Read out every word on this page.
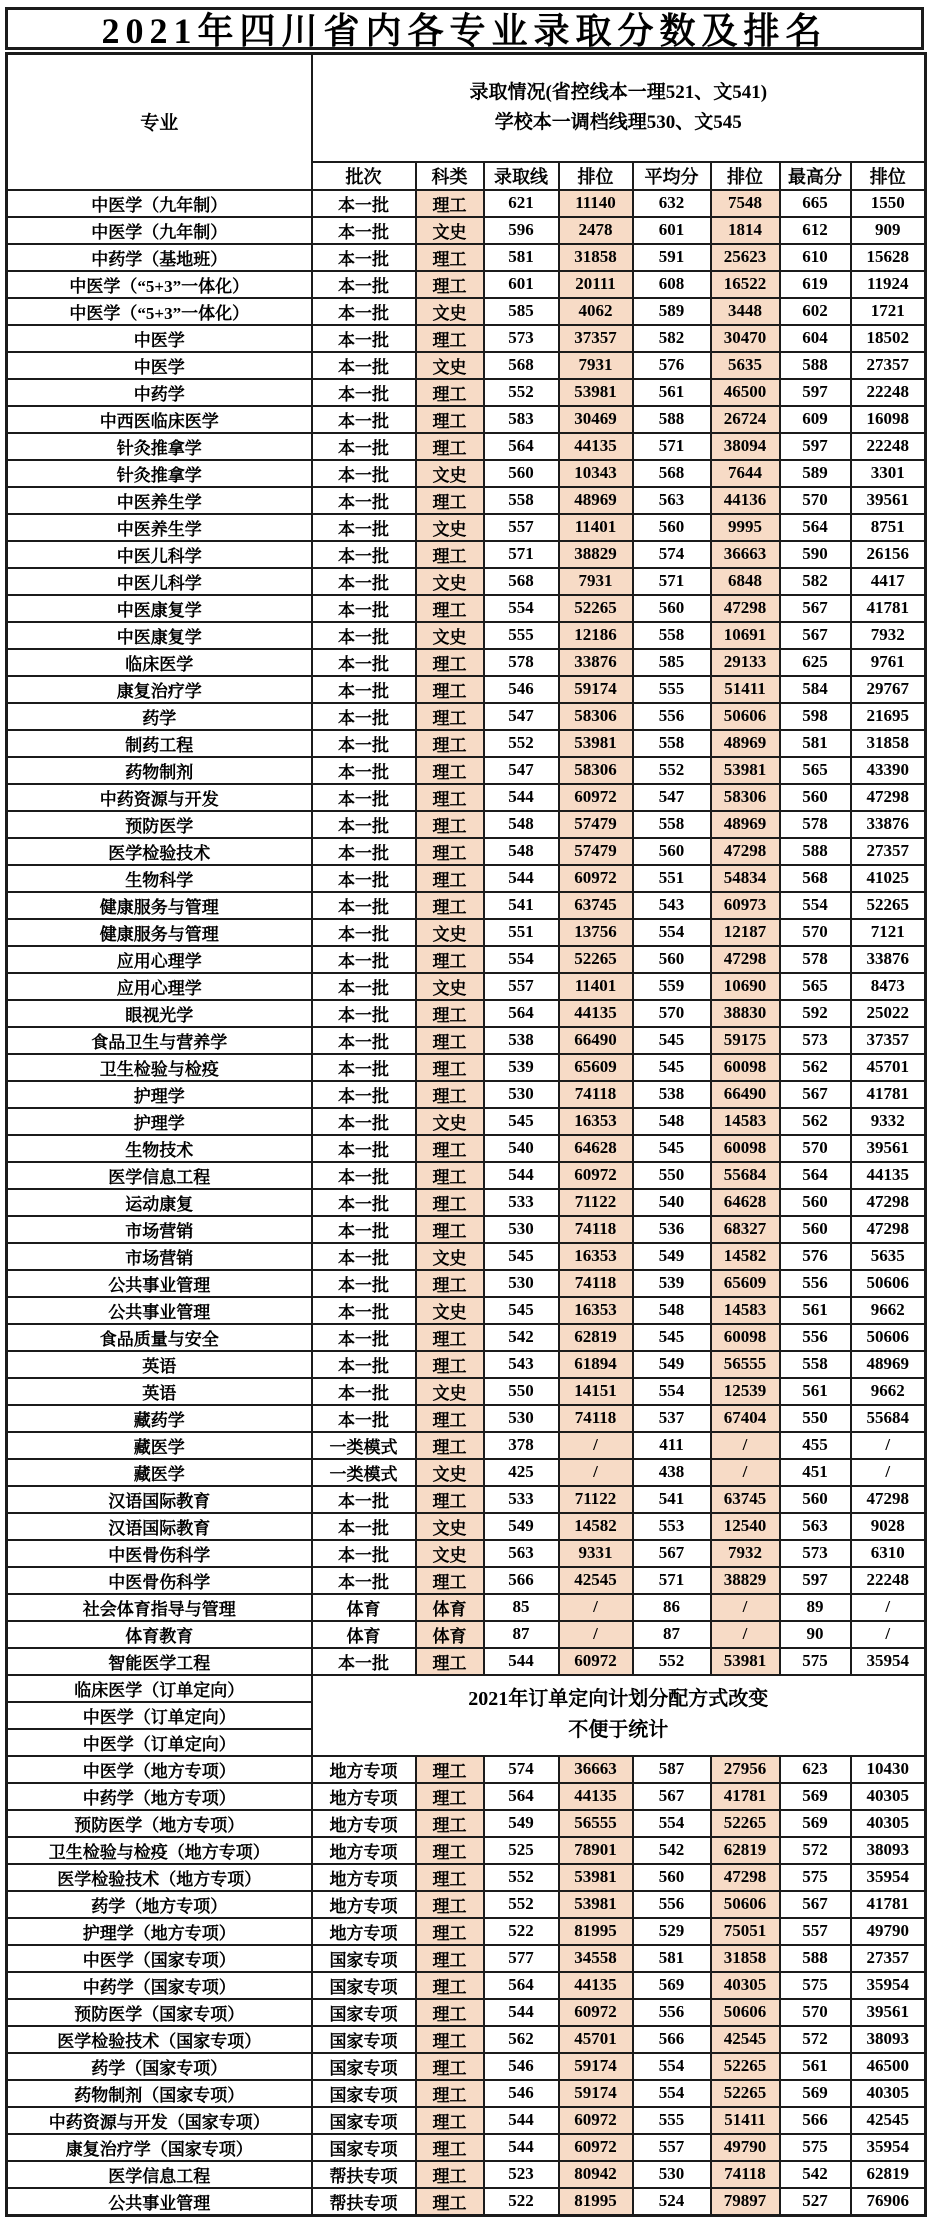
2021年四川省内各专业录取分数及排名
专业	录取情况(省控线本一理521、文541)
学校本一调档线理530、文545							

	批次	科类	录取线	排位	平均分	排位	最高分	排位
中医学（九年制）	本一批	理工	621	11140	632	7548	665	1550
中医学（九年制）	本一批	文史	596	2478	601	1814	612	909
中药学（基地班）	本一批	理工	581	31858	591	25623	610	15628
中医学（“5+3”一体化）	本一批	理工	601	20111	608	16522	619	11924
中医学（“5+3”一体化）	本一批	文史	585	4062	589	3448	602	1721
中医学	本一批	理工	573	37357	582	30470	604	18502
中医学	本一批	文史	568	7931	576	5635	588	27357
中药学	本一批	理工	552	53981	561	46500	597	22248
中西医临床医学	本一批	理工	583	30469	588	26724	609	16098
针灸推拿学	本一批	理工	564	44135	571	38094	597	22248
针灸推拿学	本一批	文史	560	10343	568	7644	589	3301
中医养生学	本一批	理工	558	48969	563	44136	570	39561
中医养生学	本一批	文史	557	11401	560	9995	564	8751
中医儿科学	本一批	理工	571	38829	574	36663	590	26156
中医儿科学	本一批	文史	568	7931	571	6848	582	4417
中医康复学	本一批	理工	554	52265	560	47298	567	41781
中医康复学	本一批	文史	555	12186	558	10691	567	7932
临床医学	本一批	理工	578	33876	585	29133	625	9761
康复治疗学	本一批	理工	546	59174	555	51411	584	29767
药学	本一批	理工	547	58306	556	50606	598	21695
制药工程	本一批	理工	552	53981	558	48969	581	31858
药物制剂	本一批	理工	547	58306	552	53981	565	43390
中药资源与开发	本一批	理工	544	60972	547	58306	560	47298
预防医学	本一批	理工	548	57479	558	48969	578	33876
医学检验技术	本一批	理工	548	57479	560	47298	588	27357
生物科学	本一批	理工	544	60972	551	54834	568	41025
健康服务与管理	本一批	理工	541	63745	543	60973	554	52265
健康服务与管理	本一批	文史	551	13756	554	12187	570	7121
应用心理学	本一批	理工	554	52265	560	47298	578	33876
应用心理学	本一批	文史	557	11401	559	10690	565	8473
眼视光学	本一批	理工	564	44135	570	38830	592	25022
食品卫生与营养学	本一批	理工	538	66490	545	59175	573	37357
卫生检验与检疫	本一批	理工	539	65609	545	60098	562	45701
护理学	本一批	理工	530	74118	538	66490	567	41781
护理学	本一批	文史	545	16353	548	14583	562	9332
生物技术	本一批	理工	540	64628	545	60098	570	39561
医学信息工程	本一批	理工	544	60972	550	55684	564	44135
运动康复	本一批	理工	533	71122	540	64628	560	47298
市场营销	本一批	理工	530	74118	536	68327	560	47298
市场营销	本一批	文史	545	16353	549	14582	576	5635
公共事业管理	本一批	理工	530	74118	539	65609	556	50606
公共事业管理	本一批	文史	545	16353	548	14583	561	9662
食品质量与安全	本一批	理工	542	62819	545	60098	556	50606
英语	本一批	理工	543	61894	549	56555	558	48969
英语	本一批	文史	550	14151	554	12539	561	9662
藏药学	本一批	理工	530	74118	537	67404	550	55684
藏医学	一类模式	理工	378	/	411	/	455	/
藏医学	一类模式	文史	425	/	438	/	451	/
汉语国际教育	本一批	理工	533	71122	541	63745	560	47298
汉语国际教育	本一批	文史	549	14582	553	12540	563	9028
中医骨伤科学	本一批	文史	563	9331	567	7932	573	6310
中医骨伤科学	本一批	理工	566	42545	571	38829	597	22248
社会体育指导与管理	体育	体育	85	/	86	/	89	/
体育教育	体育	体育	87	/	87	/	90	/
智能医学工程	本一批	理工	544	60972	552	53981	575	35954
临床医学（订单定向）	2021年订单定向计划分配方式改变
不便于统计							

中医学（订单定向）								
中医学（订单定向）								
中医学（地方专项）	地方专项	理工	574	36663	587	27956	623	10430
中药学（地方专项）	地方专项	理工	564	44135	567	41781	569	40305
预防医学（地方专项）	地方专项	理工	549	56555	554	52265	569	40305
卫生检验与检疫（地方专项）	地方专项	理工	525	78901	542	62819	572	38093
医学检验技术（地方专项）	地方专项	理工	552	53981	560	47298	575	35954
药学（地方专项）	地方专项	理工	552	53981	556	50606	567	41781
护理学（地方专项）	地方专项	理工	522	81995	529	75051	557	49790
中医学（国家专项）	国家专项	理工	577	34558	581	31858	588	27357
中药学（国家专项）	国家专项	理工	564	44135	569	40305	575	35954
预防医学（国家专项）	国家专项	理工	544	60972	556	50606	570	39561
医学检验技术（国家专项）	国家专项	理工	562	45701	566	42545	572	38093
药学（国家专项）	国家专项	理工	546	59174	554	52265	561	46500
药物制剂（国家专项）	国家专项	理工	546	59174	554	52265	569	40305
中药资源与开发（国家专项）	国家专项	理工	544	60972	555	51411	566	42545
康复治疗学（国家专项）	国家专项	理工	544	60972	557	49790	575	35954
医学信息工程	帮扶专项	理工	523	80942	530	74118	542	62819
公共事业管理	帮扶专项	理工	522	81995	524	79897	527	76906
